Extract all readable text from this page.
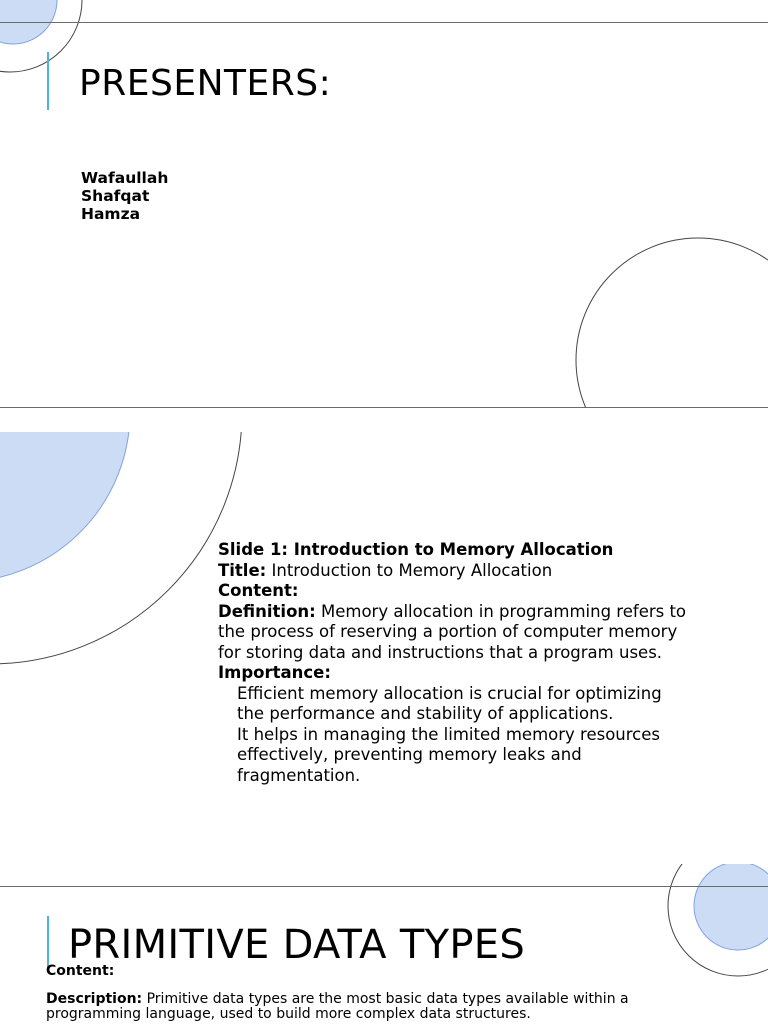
PRESENTERS:
Wafaullah
Shafqat
Hamza

Slide 1: Introduction to Memory Allocation

Title: Introduction to Memory Allocation

Content:

Definition: Memory allocation in programming refers to the process of reserving a portion of computer memory for storing data and instructions that a program uses.

Importance:

Efficient memory allocation is crucial for optimizing the performance and stability of applications.

It helps in managing the limited memory resources effectively, preventing memory leaks and fragmentation.

PRIMITIVE DATA TYPES

Content:

Description: Primitive data types are the most basic data types available within a programming language, used to build more complex data structures.
